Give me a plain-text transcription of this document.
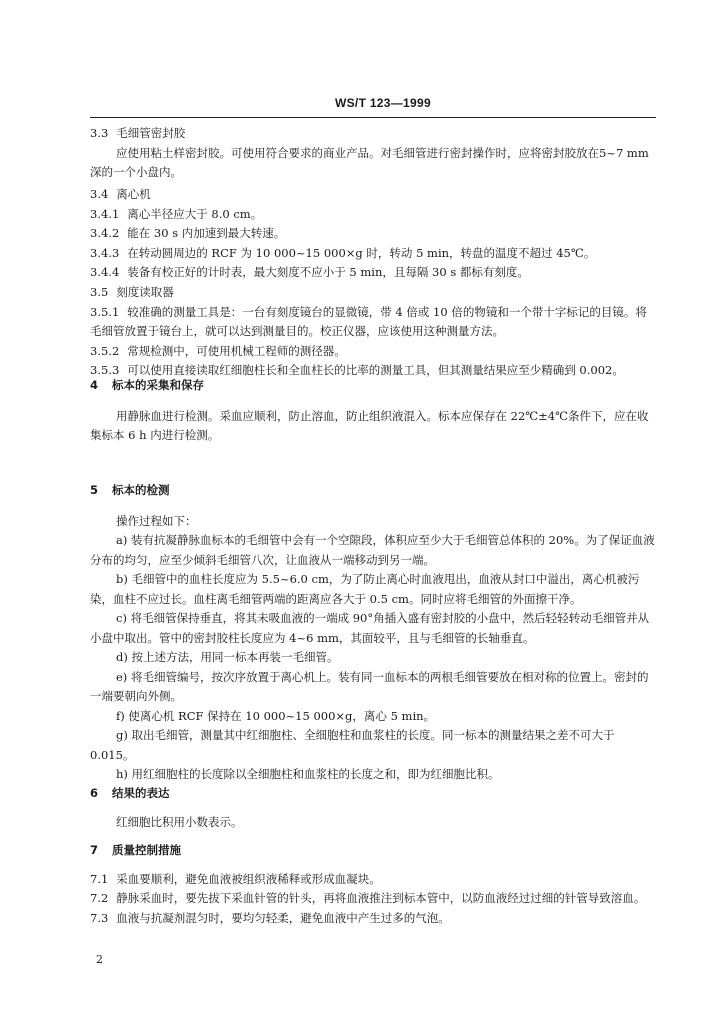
WS/T 123—1999
3.3 毛细管密封胶
应使用粘土样密封胶。可使用符合要求的商业产品。对毛细管进行密封操作时，应将密封胶放在5~7 mm深的一个小盘内。
3.4 离心机
3.4.1 离心半径应大于 8.0 cm。
3.4.2 能在 30 s 内加速到最大转速。
3.4.3 在转动圆周边的 RCF 为 10 000~15 000×g 时，转动 5 min，转盘的温度不超过 45℃。
3.4.4 装备有校正好的计时表，最大刻度不应小于 5 min，且每隔 30 s 都标有刻度。
3.5 刻度读取器
3.5.1 较准确的测量工具是：一台有刻度镜台的显微镜，带 4 倍或 10 倍的物镜和一个带十字标记的目镜。将毛细管放置于镜台上，就可以达到测量目的。校正仪器，应该使用这种测量方法。
3.5.2 常规检测中，可使用机械工程师的测径器。
3.5.3 可以使用直接读取红细胞柱长和全血柱长的比率的测量工具，但其测量结果应至少精确到 0.002。
4 标本的采集和保存
用静脉血进行检测。采血应顺利，防止溶血，防止组织液混入。标本应保存在 22℃±4℃条件下，应在收集标本 6 h 内进行检测。
5 标本的检测
操作过程如下：
a) 装有抗凝静脉血标本的毛细管中会有一个空隙段，体积应至少大于毛细管总体积的 20%。为了保证血液分布的均匀，应至少倾斜毛细管八次，让血液从一端移动到另一端。
b) 毛细管中的血柱长度应为 5.5~6.0 cm，为了防止离心时血液甩出，血液从封口中溢出，离心机被污染，血柱不应过长。血柱离毛细管两端的距离应各大于 0.5 cm。同时应将毛细管的外面擦干净。
c) 将毛细管保持垂直，将其未吸血液的一端成 90°角插入盛有密封胶的小盘中，然后轻轻转动毛细管并从小盘中取出。管中的密封胶柱长度应为 4~6 mm，其面较平，且与毛细管的长轴垂直。
d) 按上述方法，用同一标本再装一毛细管。
e) 将毛细管编号，按次序放置于离心机上。装有同一血标本的两根毛细管要放在相对称的位置上。密封的一端要朝向外侧。
f) 使离心机 RCF 保持在 10 000~15 000×g，离心 5 min。
g) 取出毛细管，测量其中红细胞柱、全细胞柱和血浆柱的长度。同一标本的测量结果之差不可大于 0.015。
h) 用红细胞柱的长度除以全细胞柱和血浆柱的长度之和，即为红细胞比积。
6 结果的表达
红细胞比积用小数表示。
7 质量控制措施
7.1 采血要顺利，避免血液被组织液稀释或形成血凝块。
7.2 静脉采血时，要先拔下采血针管的针头，再将血液推注到标本管中，以防血液经过过细的针管导致溶血。
7.3 血液与抗凝剂混匀时，要均匀轻柔，避免血液中产生过多的气泡。
2
